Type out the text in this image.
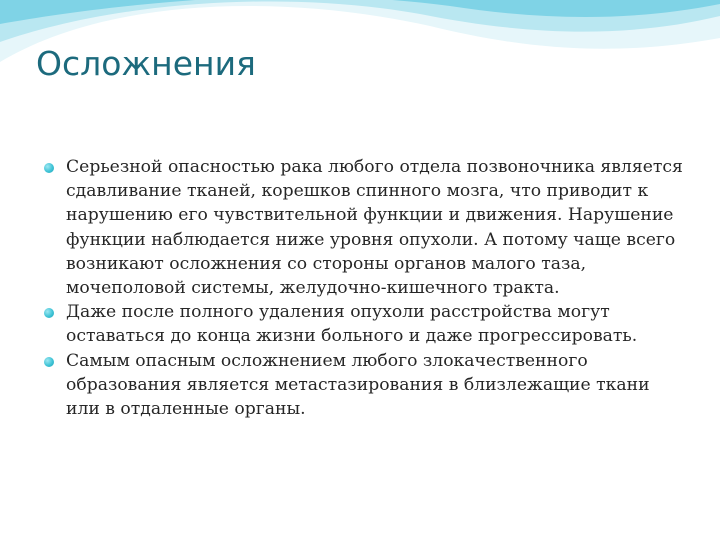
Осложнения
Серьезной опасностью рака любого отдела позвоночника является сдавливание тканей, корешков спинного мозга, что приводит к нарушению его чувствительной функции и движения. Нарушение функции наблюдается ниже уровня опухоли. А потому чаще всего возникают осложнения со стороны органов малого таза, мочеполовой системы, желудочно-кишечного тракта.
Даже после полного удаления опухоли расстройства могут оставаться до конца жизни больного и даже прогрессировать.
Самым опасным осложнением любого злокачественного образования является метастазирования в близлежащие ткани или в отдаленные органы.
